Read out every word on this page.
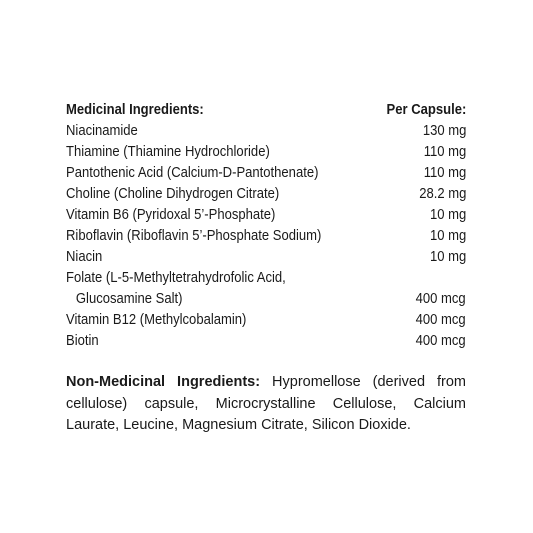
Medicinal Ingredients:	Per Capsule:
Niacinamide	130 mg
Thiamine (Thiamine Hydrochloride)	110 mg
Pantothenic Acid (Calcium-D-Pantothenate)	110 mg
Choline (Choline Dihydrogen Citrate)	28.2 mg
Vitamin B6 (Pyridoxal 5’-Phosphate)	10 mg
Riboflavin (Riboflavin 5’-Phosphate Sodium)	10 mg
Niacin	10 mg
Folate (L-5-Methyltetrahydrofolic Acid,
Glucosamine Salt)	400 mcg
Vitamin B12 (Methylcobalamin)	400 mcg
Biotin	400 mcg
Non-Medicinal Ingredients: Hypromellose (derived from cellulose) capsule, Microcrystalline Cellulose, Calcium Laurate, Leucine, Magnesium Citrate, Silicon Dioxide.
